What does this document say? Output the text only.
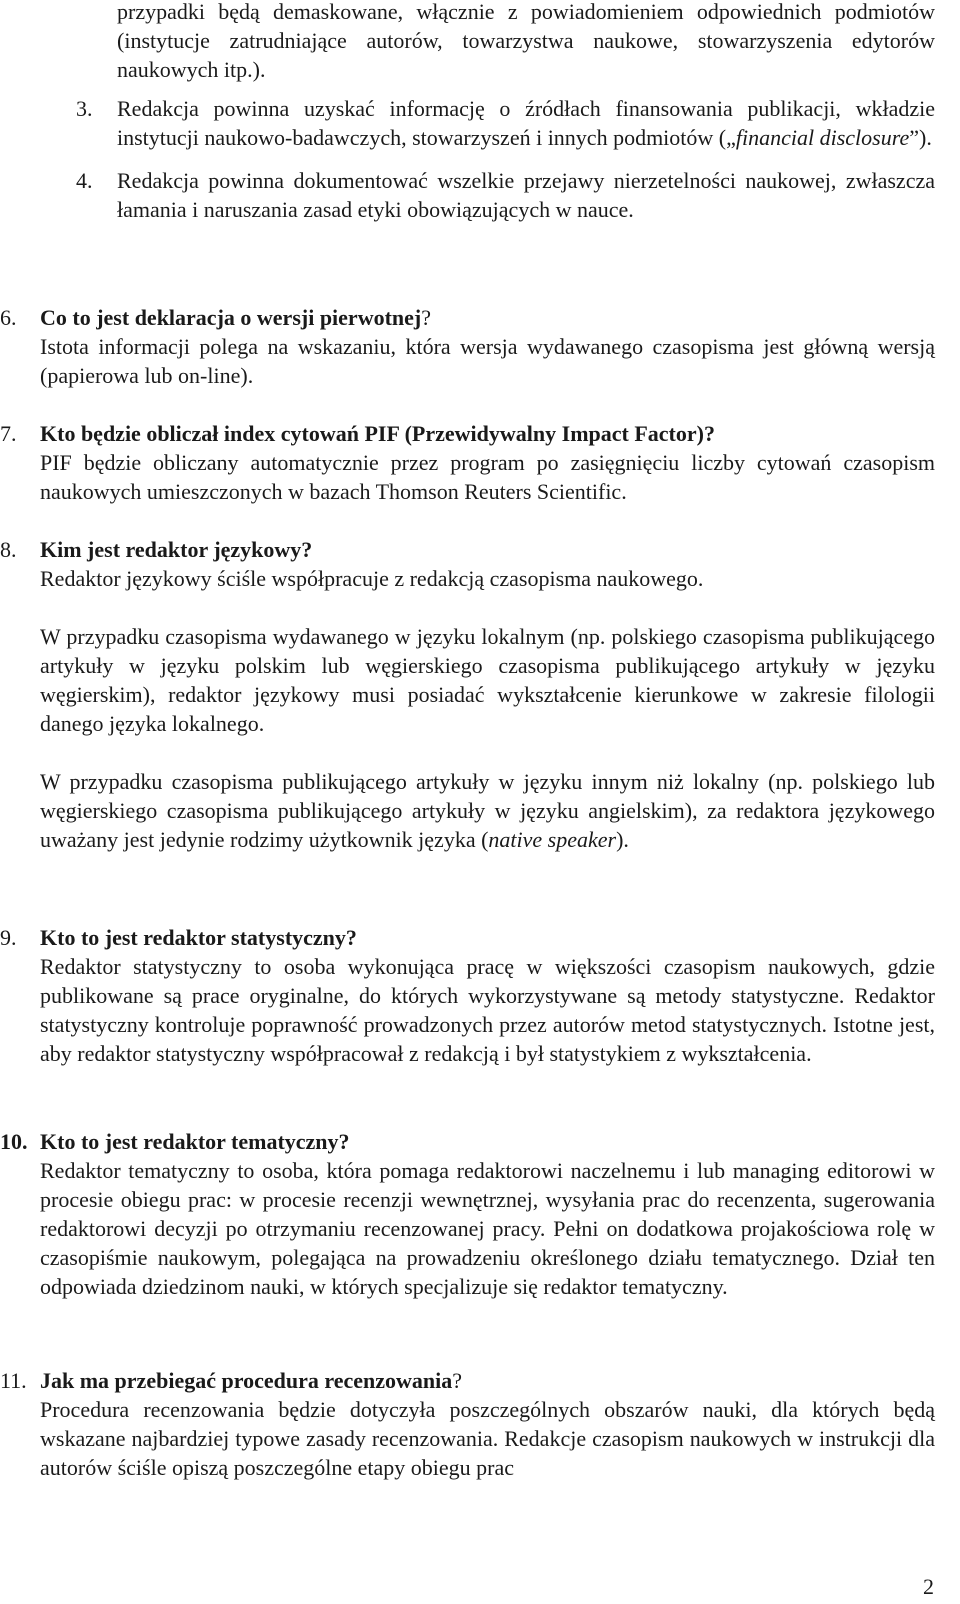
przypadki będą demaskowane, włącznie z powiadomieniem odpowiednich podmiotów (instytucje zatrudniające autorów, towarzystwa naukowe, stowarzyszenia edytorów naukowych itp.).

3.	Redakcja powinna uzyskać informację o źródłach finansowania publikacji, wkładzie instytucji naukowo-badawczych, stowarzyszeń i innych podmiotów („financial disclosure”).
4.	Redakcja powinna dokumentować wszelkie przejawy nierzetelności naukowej, zwłaszcza łamania i naruszania zasad etyki obowiązujących w nauce.
6.	Co to jest deklaracja o wersji pierwotnej?
Istota informacji polega na wskazaniu, która wersja wydawanego czasopisma jest główną wersją (papierowa lub on-line).
7.	Kto będzie obliczał index cytowań PIF (Przewidywalny Impact Factor)?
PIF będzie obliczany automatycznie przez program po zasięgnięciu liczby cytowań czasopism naukowych umieszczonych w bazach Thomson Reuters Scientific.
8.	Kim jest redaktor językowy?

Redaktor językowy ściśle współpracuje z redakcją czasopisma naukowego.

W przypadku czasopisma wydawanego w języku lokalnym (np. polskiego czasopisma publikującego artykuły w języku polskim lub węgierskiego czasopisma publikującego artykuły w języku węgierskim), redaktor językowy musi posiadać wykształcenie kierunkowe w zakresie filologii danego języka lokalnego.

W przypadku czasopisma publikującego artykuły w języku innym niż lokalny (np. polskiego lub węgierskiego czasopisma publikującego artykuły w języku angielskim), za redaktora językowego uważany jest jedynie rodzimy użytkownik języka (native speaker).

9.	Kto to jest redaktor statystyczny?
Redaktor statystyczny to osoba wykonująca pracę w większości czasopism naukowych, gdzie publikowane są prace oryginalne, do których wykorzystywane są metody statystyczne. Redaktor statystyczny kontroluje poprawność prowadzonych przez autorów metod statystycznych. Istotne jest, aby redaktor statystyczny współpracował z redakcją i był statystykiem z wykształcenia.
10. Kto to jest redaktor tematyczny?
Redaktor tematyczny to osoba, która pomaga redaktorowi naczelnemu i lub managing editorowi w procesie obiegu prac: w procesie recenzji wewnętrznej, wysyłania prac do recenzenta, sugerowania redaktorowi decyzji po otrzymaniu recenzowanej pracy. Pełni on dodatkowa projakościowa rolę w czasopiśmie naukowym, polegająca na prowadzeniu określonego działu tematycznego. Dział ten odpowiada dziedzinom nauki, w których specjalizuje się redaktor tematyczny.
11. Jak ma przebiegać procedura recenzowania?
Procedura recenzowania będzie dotyczyła poszczególnych obszarów nauki, dla których będą wskazane najbardziej typowe zasady recenzowania. Redakcje czasopism naukowych w instrukcji dla autorów ściśle opiszą poszczególne etapy obiegu prac
2
